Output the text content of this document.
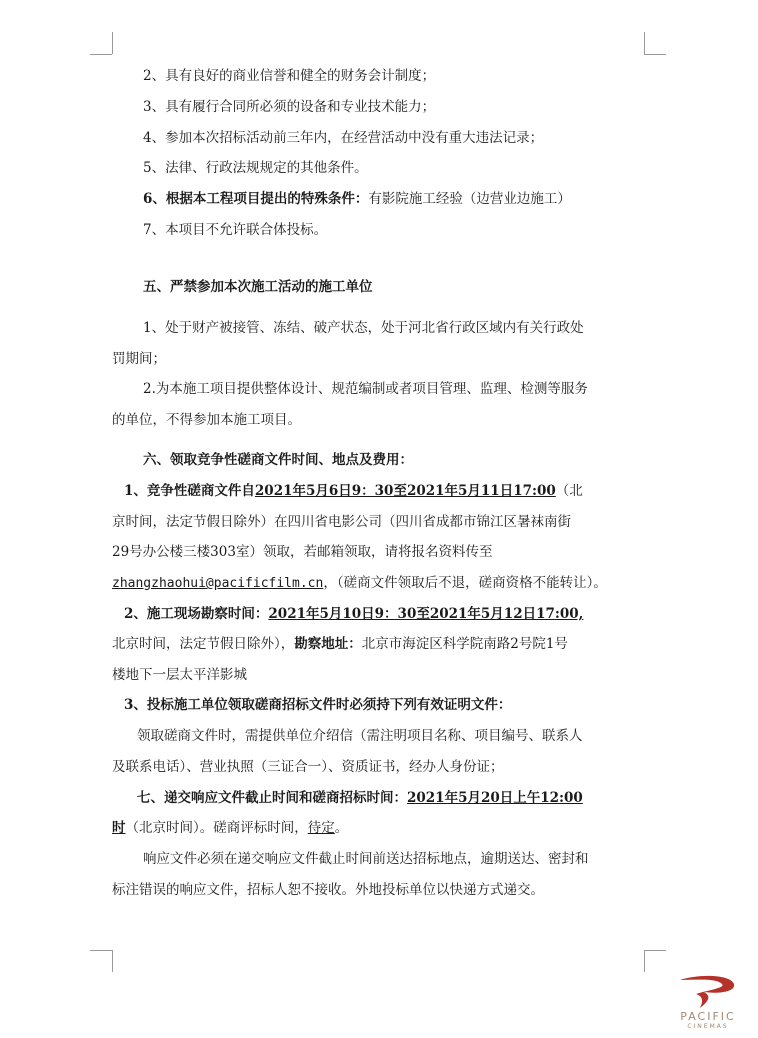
2、具有良好的商业信誉和健全的财务会计制度；
3、具有履行合同所必须的设备和专业技术能力；
4、参加本次招标活动前三年内，在经营活动中没有重大违法记录；
5、法律、行政法规规定的其他条件。
6、根据本工程项目提出的特殊条件：有影院施工经验（边营业边施工）
7、本项目不允许联合体投标。
五、严禁参加本次施工活动的施工单位
1、处于财产被接管、冻结、破产状态，处于河北省行政区域内有关行政处
罚期间；
2.为本施工项目提供整体设计、规范编制或者项目管理、监理、检测等服务
的单位，不得参加本施工项目。
六、领取竞争性磋商文件时间、地点及费用：
1、竞争性磋商文件自2021年5月6日9：30至2021年5月11日17:00（北
京时间，法定节假日除外）在四川省电影公司（四川省成都市锦江区暑袜南街
29号办公楼三楼303室）领取，若邮箱领取，请将报名资料传至
zhangzhaohui@pacificfilm.cn，（磋商文件领取后不退，磋商资格不能转让）。
2、施工现场勘察时间：2021年5月10日9：30至2021年5月12日17:00,
北京时间，法定节假日除外），勘察地址：北京市海淀区科学院南路2号院1号
楼地下一层太平洋影城
3、投标施工单位领取磋商招标文件时必须持下列有效证明文件：
领取磋商文件时，需提供单位介绍信（需注明项目名称、项目编号、联系人
及联系电话）、营业执照（三证合一）、资质证书，经办人身份证；
七、递交响应文件截止时间和磋商招标时间：2021年5月20日上午12:00
时（北京时间）。磋商评标时间，待定。
响应文件必须在递交响应文件截止时间前送达招标地点，逾期送达、密封和
标注错误的响应文件，招标人恕不接收。外地投标单位以快递方式递交。
PACIFIC
CINEMAS
